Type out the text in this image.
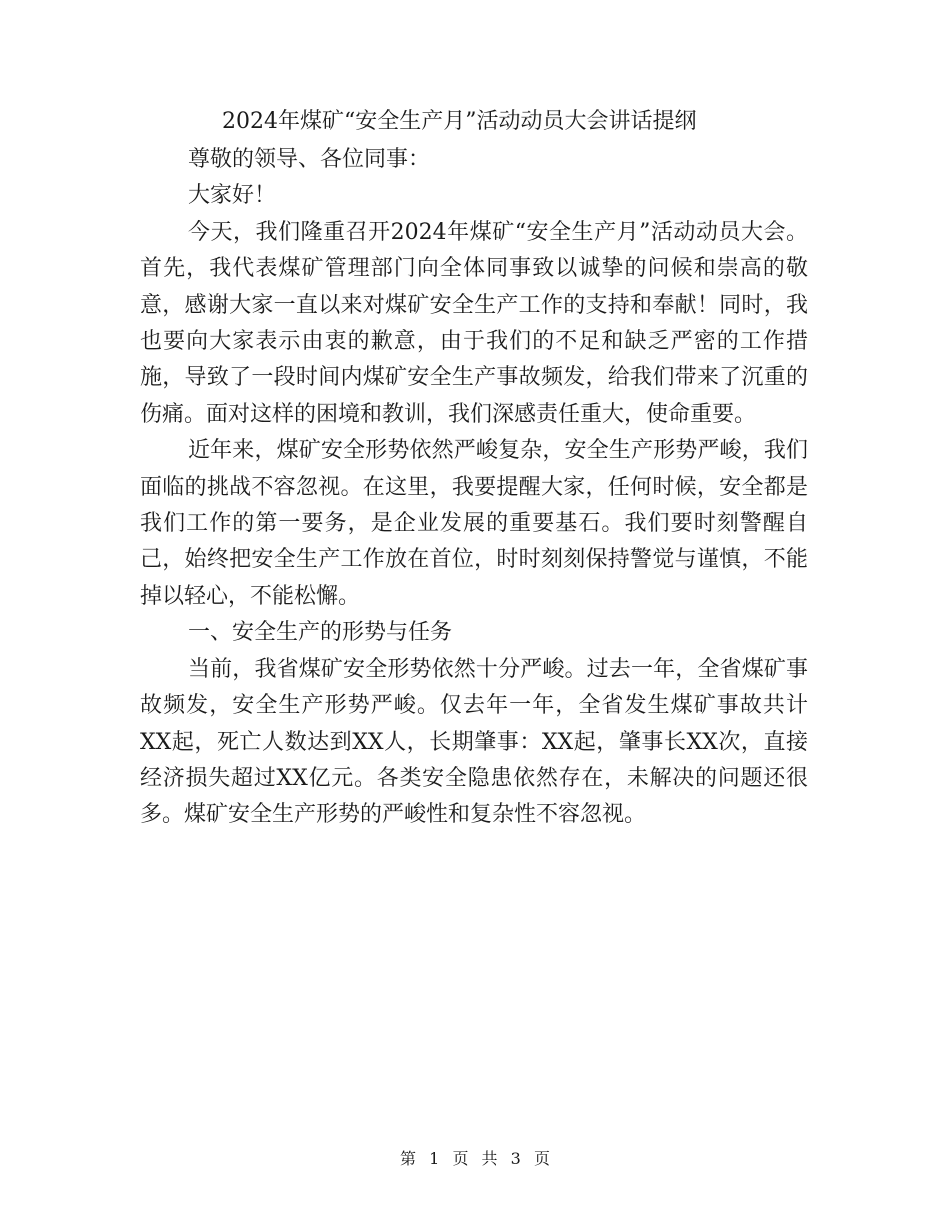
2024年煤矿“安全生产月”活动动员大会讲话提纲

尊敬的领导、各位同事：

大家好！

今天，我们隆重召开2024年煤矿“安全生产月”活动动员大会。首先，我代表煤矿管理部门向全体同事致以诚挚的问候和崇高的敬意，感谢大家一直以来对煤矿安全生产工作的支持和奉献！同时，我也要向大家表示由衷的歉意，由于我们的不足和缺乏严密的工作措施，导致了一段时间内煤矿安全生产事故频发，给我们带来了沉重的伤痛。面对这样的困境和教训，我们深感责任重大，使命重要。

近年来，煤矿安全形势依然严峻复杂，安全生产形势严峻，我们面临的挑战不容忽视。在这里，我要提醒大家，任何时候，安全都是我们工作的第一要务，是企业发展的重要基石。我们要时刻警醒自己，始终把安全生产工作放在首位，时时刻刻保持警觉与谨慎，不能掉以轻心，不能松懈。

一、安全生产的形势与任务

当前，我省煤矿安全形势依然十分严峻。过去一年，全省煤矿事故频发，安全生产形势严峻。仅去年一年，全省发生煤矿事故共计XX起，死亡人数达到XX人，长期肇事：XX起，肇事长XX次，直接经济损失超过XX亿元。各类安全隐患依然存在，未解决的问题还很多。煤矿安全生产形势的严峻性和复杂性不容忽视。

第 1 页 共 3 页
